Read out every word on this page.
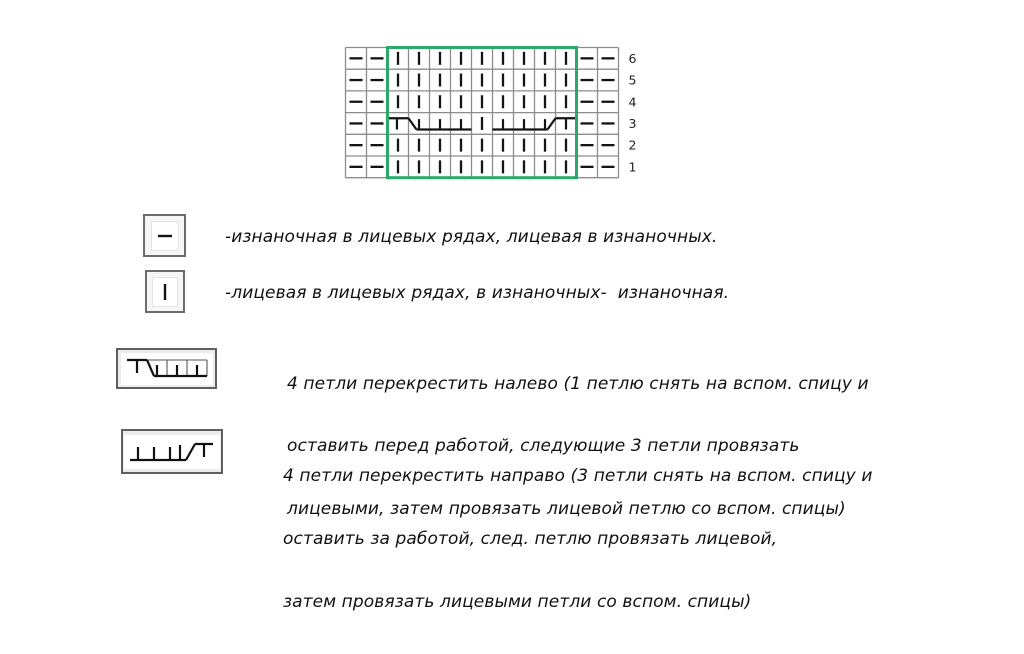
6
5
4
3
2
1
-изнаночная в лицевых рядах, лицевая в изнаночных.
-лицевая в лицевых рядах, в изнаночных-  изнаночная.

4 петли перекрестить налево (1 петлю снять на вспом. спицу и

оставить перед работой, следующие 3 петли провязать

лицевыми, затем провязать лицевой петлю со вспом. спицы)

4 петли перекрестить направо (3 петли снять на вспом. спицу и

оставить за работой, след. петлю провязать лицевой,

затем провязать лицевыми петли со вспом. спицы)
